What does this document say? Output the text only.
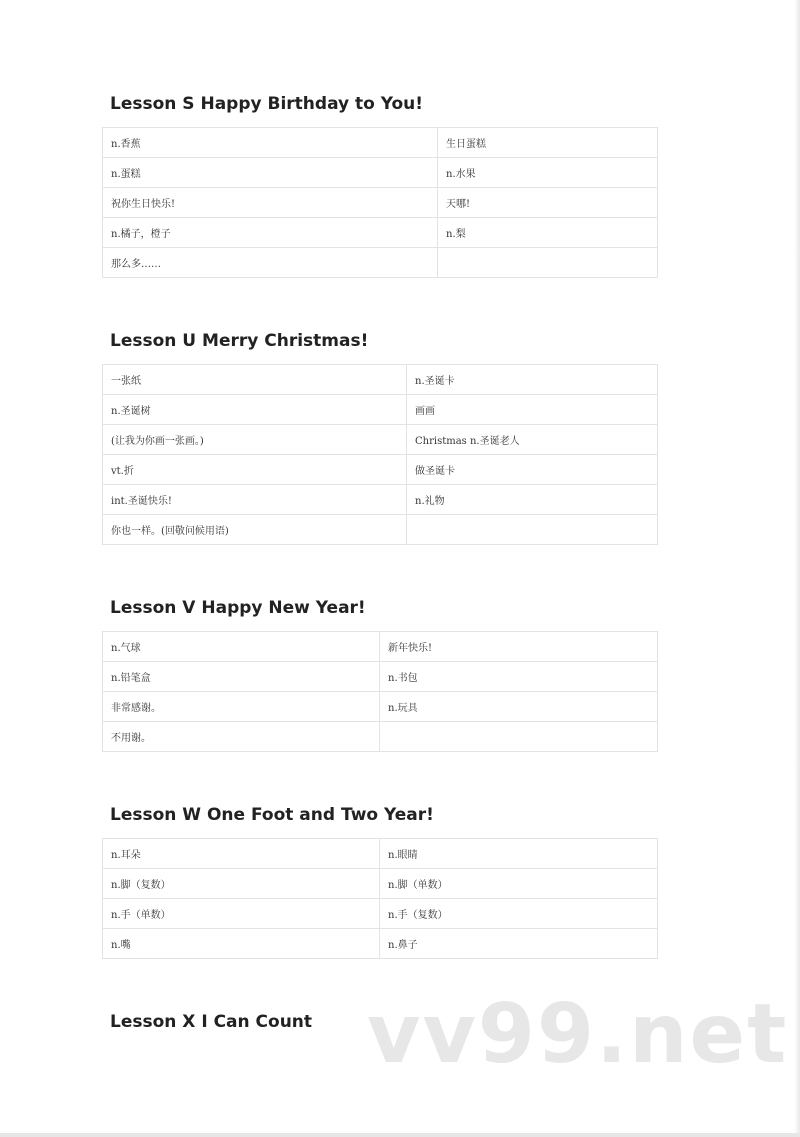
Lesson S Happy Birthday to You!
n.香蕉	生日蛋糕
n.蛋糕	n.水果
祝你生日快乐!	天哪!
n.橘子，橙子	n.梨
那么多……	
Lesson U Merry Christmas!
一张纸	n.圣诞卡
n.圣诞树	画画
(让我为你画一张画。)	Christmas n.圣诞老人
vt.折	做圣诞卡
int.圣诞快乐!	n.礼物
你也一样。(回敬问候用语)	
Lesson V Happy New Year!
n.气球	新年快乐!
n.铅笔盒	n.书包
非常感谢。	n.玩具
不用谢。	
Lesson W One Foot and Two Year!
n.耳朵	n.眼睛
n.脚（复数）	n.脚（单数）
n.手（单数）	n.手（复数）
n.嘴	n.鼻子
Lesson X I Can Count vv99.net
